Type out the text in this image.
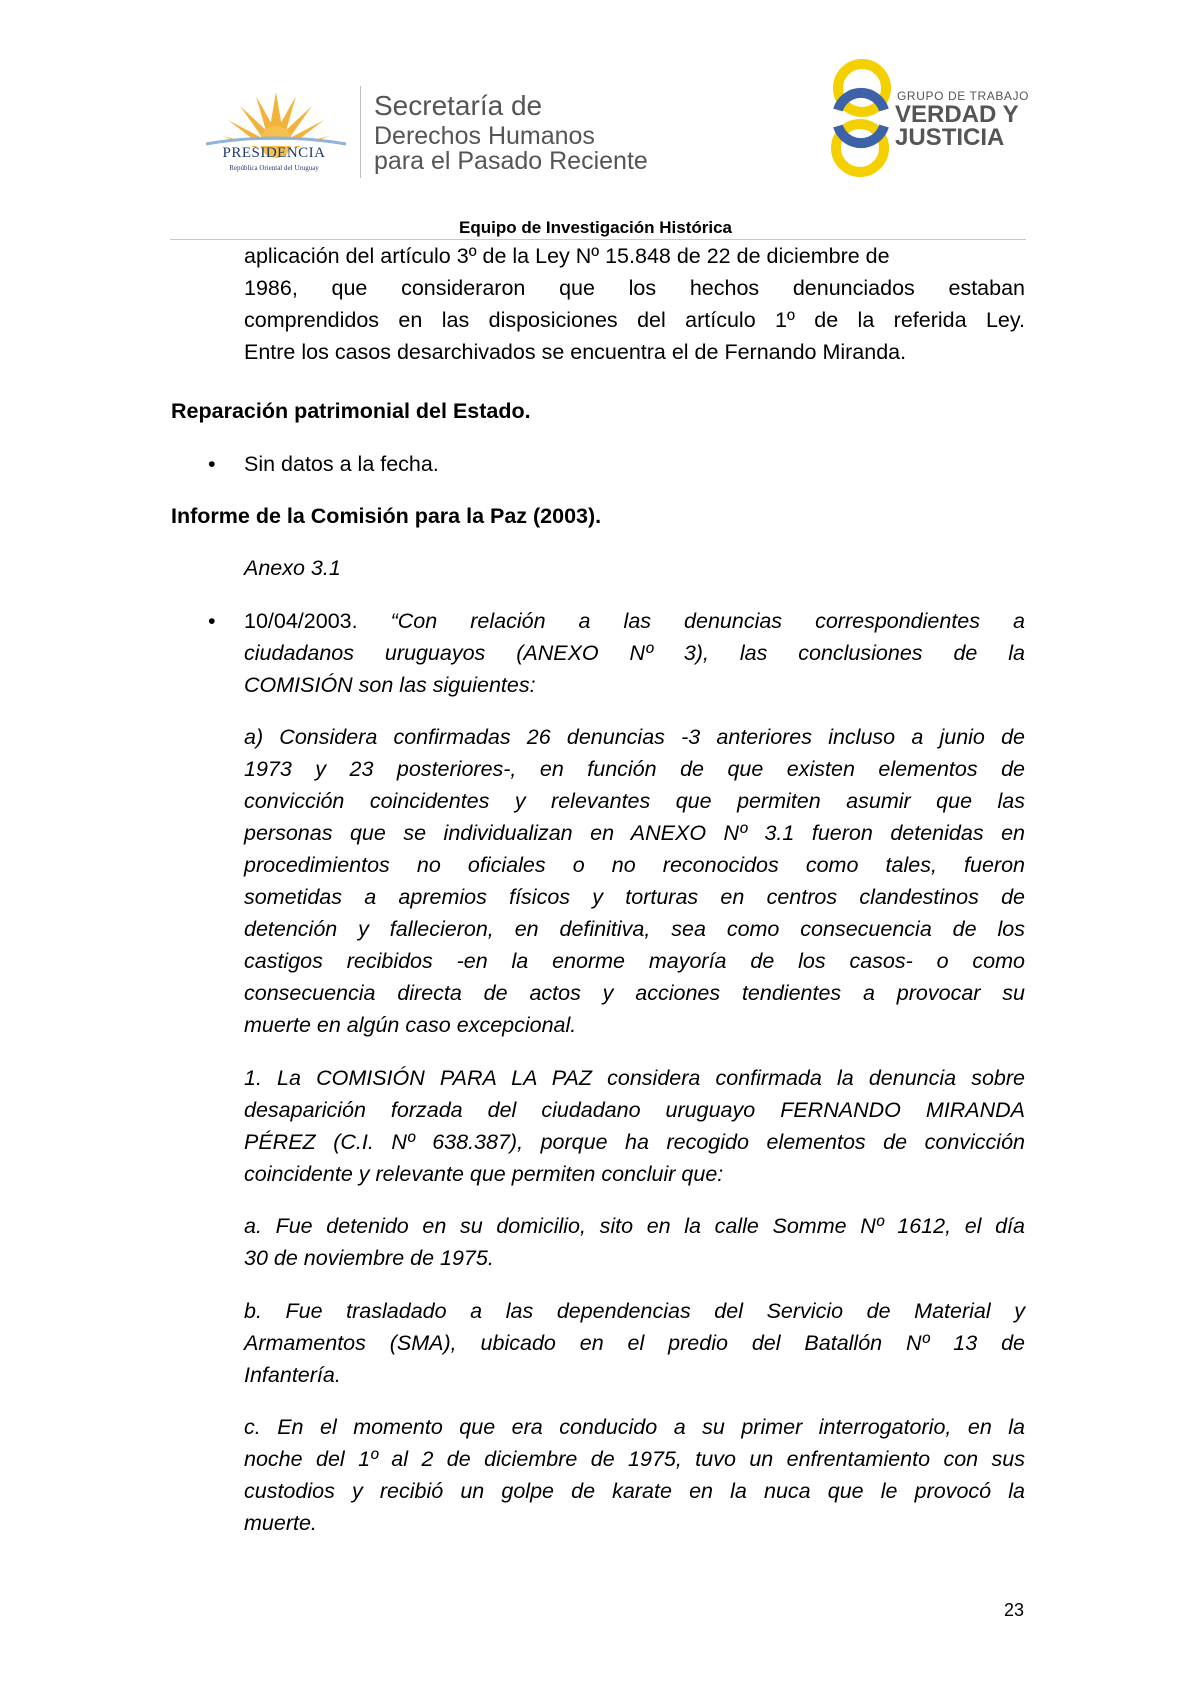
PRESIDENCIA
República Oriental del Uruguay
Secretaría de
Derechos Humanos
para el Pasado Reciente
GRUPO DE TRABAJO
VERDAD Y
JUSTICIA
Equipo de Investigación Histórica
aplicación del artículo 3º de la Ley Nº 15.848 de 22 de diciembre de
1986, que consideraron que los hechos denunciados estaban
comprendidos en las disposiciones del artículo 1º de la referida Ley.
Entre los casos desarchivados se encuentra el de Fernando Miranda.
Reparación patrimonial del Estado.
• Sin datos a la fecha.
Informe de la Comisión para la Paz (2003).
Anexo 3.1
• 10/04/2003. “Con relación a las denuncias correspondientes a
ciudadanos uruguayos (ANEXO Nº 3), las conclusiones de la
COMISIÓN son las siguientes:
a) Considera confirmadas 26 denuncias -3 anteriores incluso a junio de
1973 y 23 posteriores-, en función de que existen elementos de
convicción coincidentes y relevantes que permiten asumir que las
personas que se individualizan en ANEXO Nº 3.1 fueron detenidas en
procedimientos no oficiales o no reconocidos como tales, fueron
sometidas a apremios físicos y torturas en centros clandestinos de
detención y fallecieron, en definitiva, sea como consecuencia de los
castigos recibidos -en la enorme mayoría de los casos- o como
consecuencia directa de actos y acciones tendientes a provocar su
muerte en algún caso excepcional.
1. La COMISIÓN PARA LA PAZ considera confirmada la denuncia sobre
desaparición forzada del ciudadano uruguayo FERNANDO MIRANDA
PÉREZ (C.I. Nº 638.387), porque ha recogido elementos de convicción
coincidente y relevante que permiten concluir que:
a. Fue detenido en su domicilio, sito en la calle Somme Nº 1612, el día
30 de noviembre de 1975.
b. Fue trasladado a las dependencias del Servicio de Material y
Armamentos (SMA), ubicado en el predio del Batallón Nº 13 de
Infantería.
c. En el momento que era conducido a su primer interrogatorio, en la
noche del 1º al 2 de diciembre de 1975, tuvo un enfrentamiento con sus
custodios y recibió un golpe de karate en la nuca que le provocó la
muerte.
23
